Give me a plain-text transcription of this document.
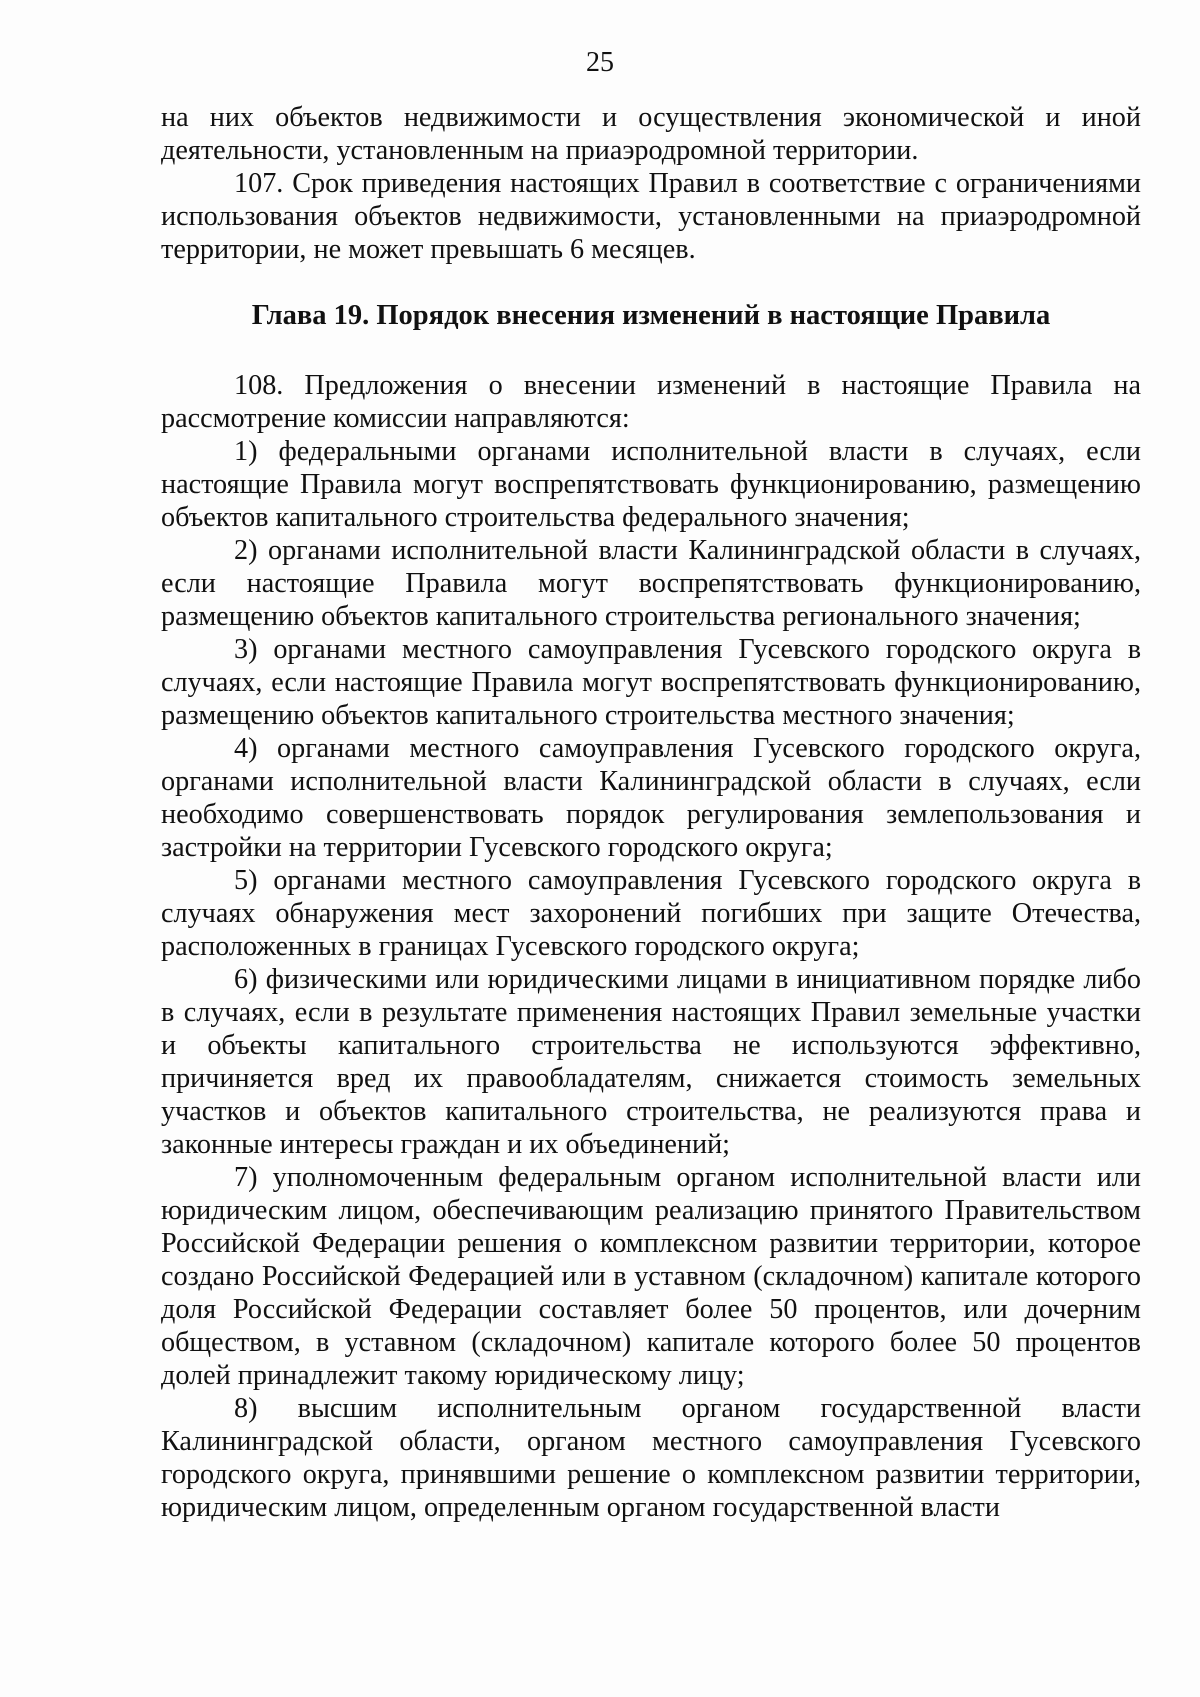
25

на них объектов недвижимости и осуществления экономической и иной деятельности, установленным на приаэродромной территории.

107. Срок приведения настоящих Правил в соответствие с ограничениями использования объектов недвижимости, установленными на приаэродромной территории, не может превышать 6 месяцев.

Глава 19. Порядок внесения изменений в настоящие Правила

108. Предложения о внесении изменений в настоящие Правила на рассмотрение комиссии направляются:

1) федеральными органами исполнительной власти в случаях, если настоящие Правила могут воспрепятствовать функционированию, размещению объектов капитального строительства федерального значения;

2) органами исполнительной власти Калининградской области в случаях, если настоящие Правила могут воспрепятствовать функционированию, размещению объектов капитального строительства регионального значения;

3) органами местного самоуправления Гусевского городского округа в случаях, если настоящие Правила могут воспрепятствовать функционированию, размещению объектов капитального строительства местного значения;

4) органами местного самоуправления Гусевского городского округа, органами исполнительной власти Калининградской области в случаях, если необходимо совершенствовать порядок регулирования землепользования и застройки на территории Гусевского городского округа;

5) органами местного самоуправления Гусевского городского округа в случаях обнаружения мест захоронений погибших при защите Отечества, расположенных в границах Гусевского городского округа;

6) физическими или юридическими лицами в инициативном порядке либо в случаях, если в результате применения настоящих Правил земельные участки и объекты капитального строительства не используются эффективно, причиняется вред их правообладателям, снижается стоимость земельных участков и объектов капитального строительства, не реализуются права и законные интересы граждан и их объединений;

7) уполномоченным федеральным органом исполнительной власти или юридическим лицом, обеспечивающим реализацию принятого Правительством Российской Федерации решения о комплексном развитии территории, которое создано Российской Федерацией или в уставном (складочном) капитале которого доля Российской Федерации составляет более 50 процентов, или дочерним обществом, в уставном (складочном) капитале которого более 50 процентов долей принадлежит такому юридическому лицу;

8) высшим исполнительным органом государственной власти Калининградской области, органом местного самоуправления Гусевского городского округа, принявшими решение о комплексном развитии территории, юридическим лицом, определенным органом государственной власти
